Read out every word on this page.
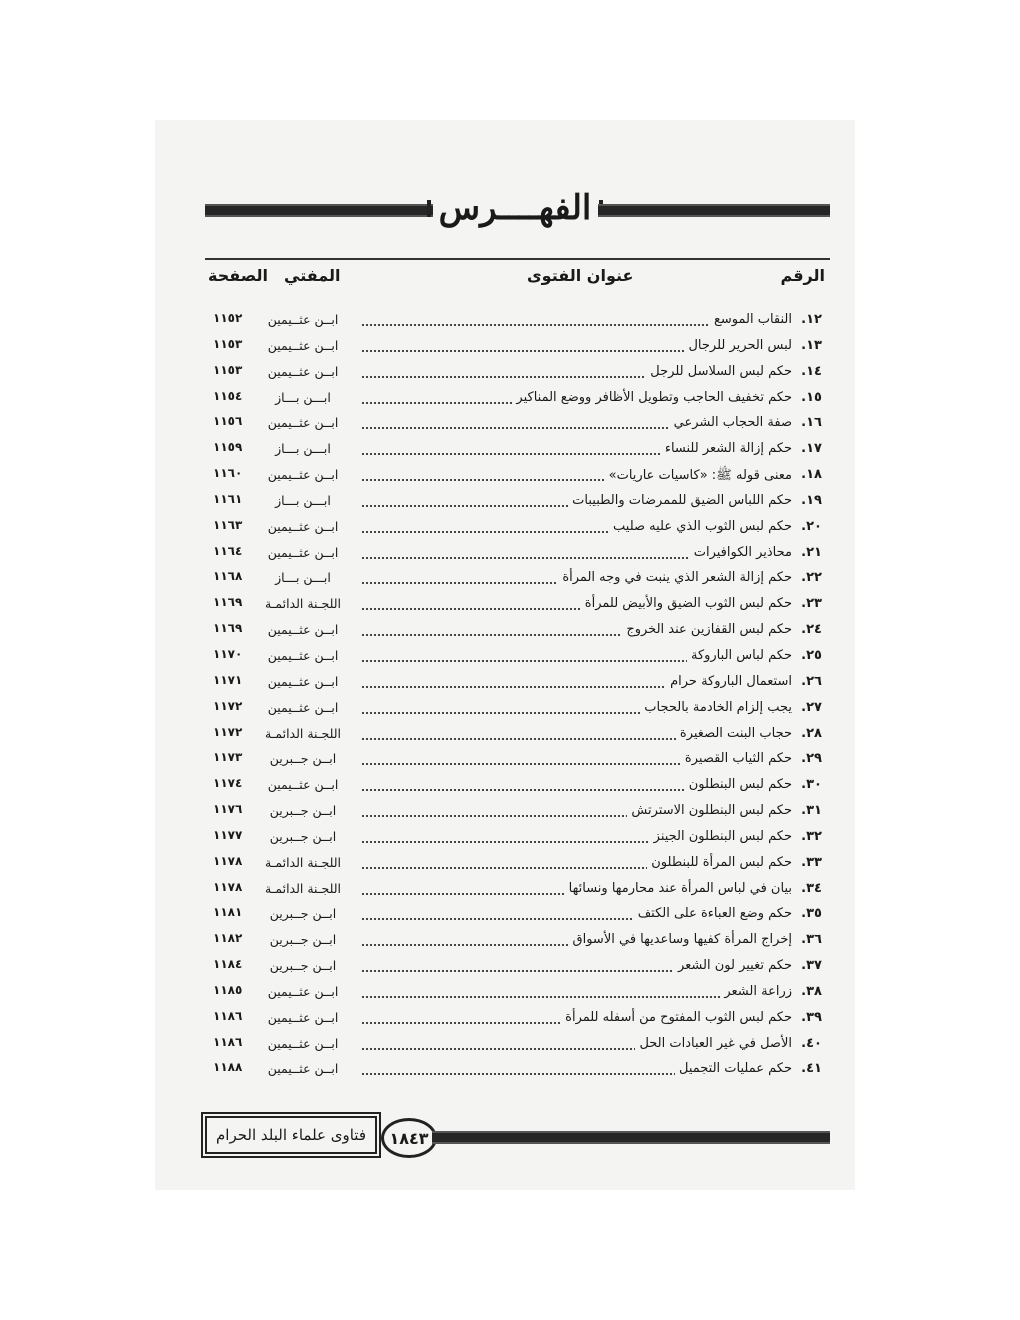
الفهــــرس
الرقم
عنوان الفتوى
المفتي
الصفحة
١٢.
النقاب الموسع
ابــن عثــيمين
١١٥٢
١٣.
لبس الحرير للرجال
ابــن عثــيمين
١١٥٣
١٤.
حكم لبس السلاسل للرجل
ابــن عثــيمين
١١٥٣
١٥.
حكم تخفيف الحاجب وتطويل الأظافر ووضع المناكير
ابـــن بـــاز
١١٥٤
١٦.
صفة الحجاب الشرعي
ابــن عثــيمين
١١٥٦
١٧.
حكم إزالة الشعر للنساء
ابـــن بـــاز
١١٥٩
١٨.
معنى قوله ﷺ: «كاسيات عاريات»
ابــن عثــيمين
١١٦٠
١٩.
حكم اللباس الضيق للممرضات والطبيبات
ابـــن بـــاز
١١٦١
٢٠.
حكم لبس الثوب الذي عليه صليب
ابــن عثــيمين
١١٦٣
٢١.
محاذير الكوافيرات
ابــن عثــيمين
١١٦٤
٢٢.
حكم إزالة الشعر الذي ينبت في وجه المرأة
ابـــن بـــاز
١١٦٨
٢٣.
حكم لبس الثوب الضيق والأبيض للمرأة
اللجـنة الدائمـة
١١٦٩
٢٤.
حكم لبس القفازين عند الخروج
ابــن عثــيمين
١١٦٩
٢٥.
حكم لباس الباروكة
ابــن عثــيمين
١١٧٠
٢٦.
استعمال الباروكة حرام
ابــن عثــيمين
١١٧١
٢٧.
يجب إلزام الخادمة بالحجاب
ابــن عثــيمين
١١٧٢
٢٨.
حجاب البنت الصغيرة
اللجـنة الدائمـة
١١٧٢
٢٩.
حكم الثياب القصيرة
ابــن جــبرين
١١٧٣
٣٠.
حكم لبس البنطلون
ابــن عثــيمين
١١٧٤
٣١.
حكم لبس البنطلون الاسترتش
ابــن جــبرين
١١٧٦
٣٢.
حكم لبس البنطلون الجينز
ابــن جــبرين
١١٧٧
٣٣.
حكم لبس المرأة للبنطلون
اللجـنة الدائمـة
١١٧٨
٣٤.
بيان في لباس المرأة عند محارمها ونسائها
اللجـنة الدائمـة
١١٧٨
٣٥.
حكم وضع العباءة على الكتف
ابــن جــبرين
١١٨١
٣٦.
إخراج المرأة كفيها وساعديها في الأسواق
ابــن جــبرين
١١٨٢
٣٧.
حكم تغيير لون الشعر
ابــن جــبرين
١١٨٤
٣٨.
زراعة الشعر
ابــن عثــيمين
١١٨٥
٣٩.
حكم لبس الثوب المفتوح من أسفله للمرأة
ابــن عثــيمين
١١٨٦
٤٠.
الأصل في غير العبادات الحل
ابــن عثــيمين
١١٨٦
٤١.
حكم عمليات التجميل
ابــن عثــيمين
١١٨٨
فتاوى علماء البلد الحرام	١٨٤٣
